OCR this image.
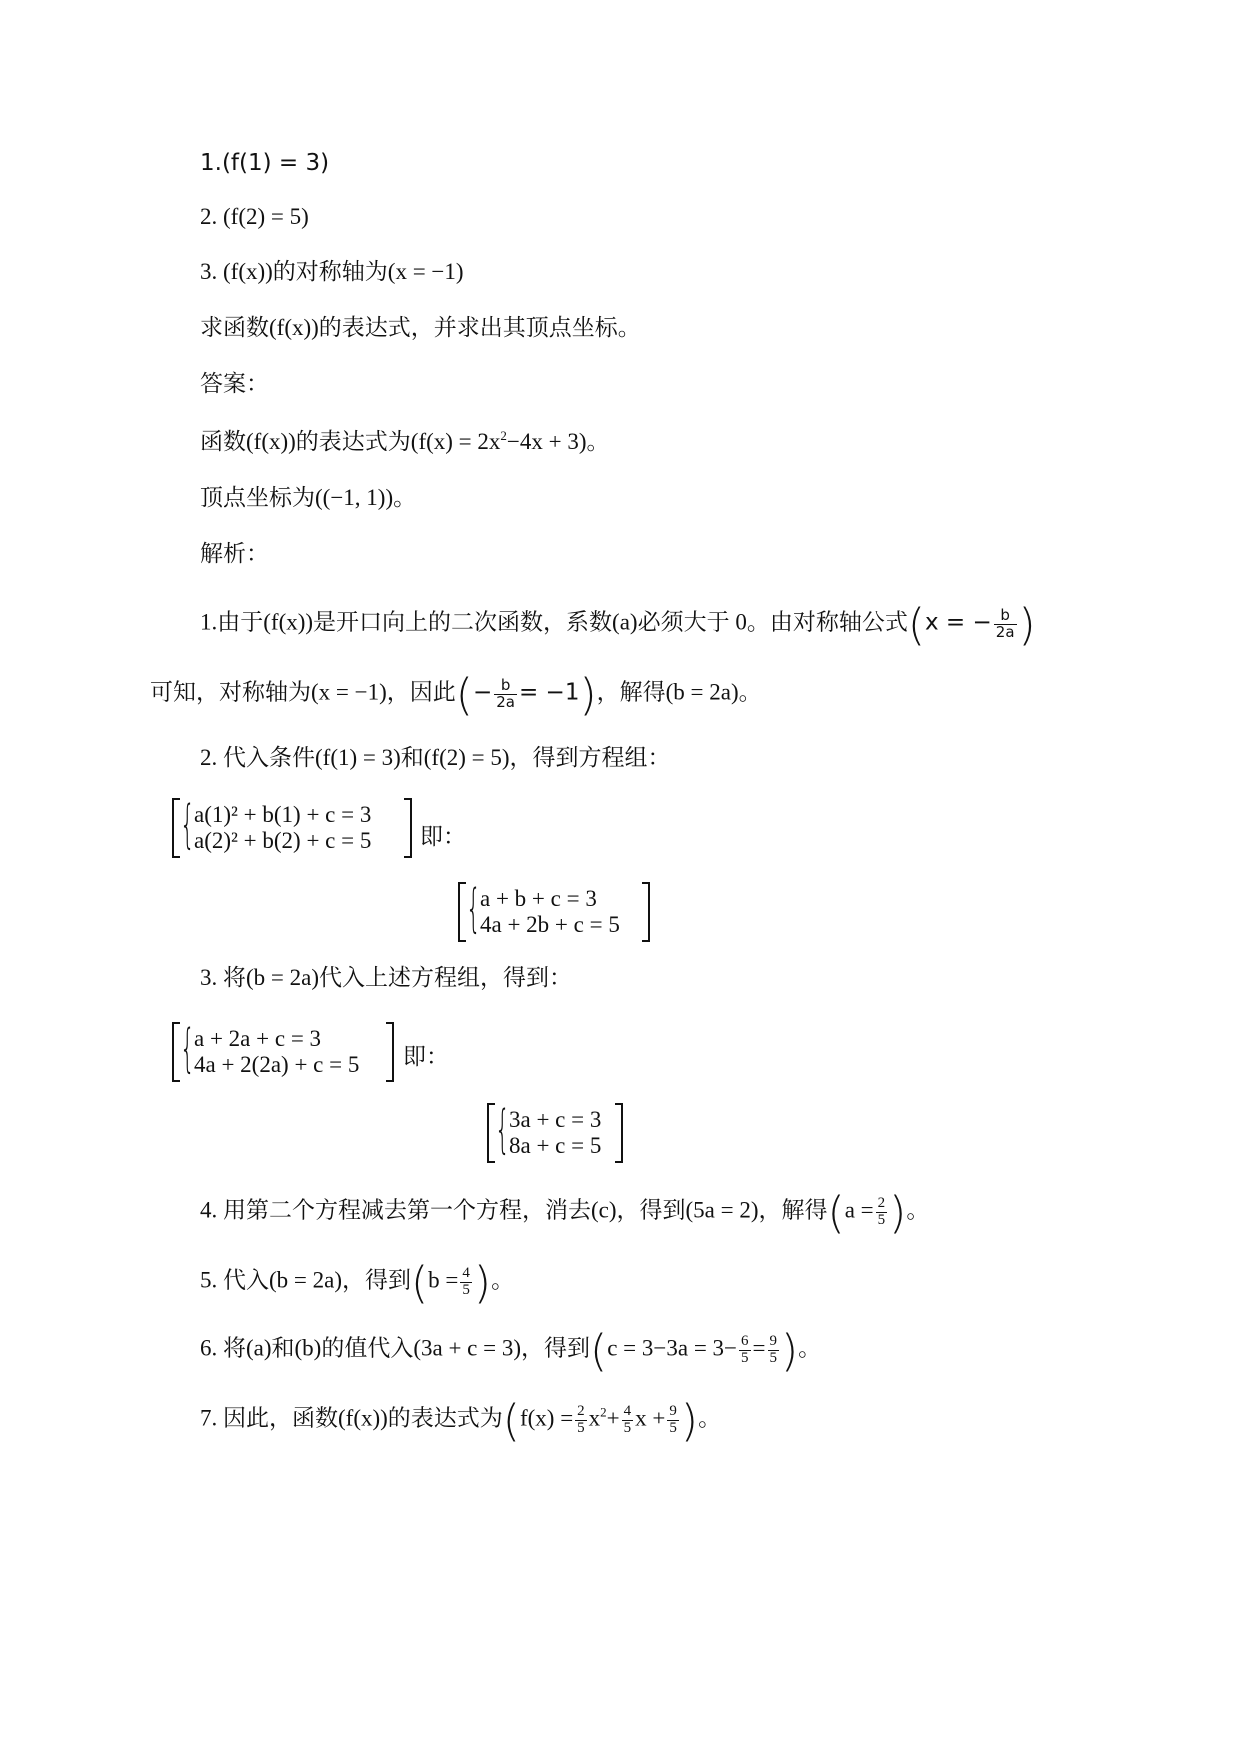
1.(f(1) = 3)
2. (f(2) = 5)
3. (f(x))的对称轴为(x = −1)
求函数(f(x))的表达式，并求出其顶点坐标。
答案：
函数(f(x))的表达式为$(f(x) = 2x^2-4x + 3)$。
顶点坐标为((−1, 1))。
解析：
1.由于(f(x))是开口向上的二次函数，系数(a)必须大于 0。由对称轴公式(x = − $\frac{b}{2a}$ )
可知，对称轴为(x = −1)，因此(− $\frac{b}{2a} = -1$)，解得(b = 2a)。
2. 代入条件(f(1) = 3)和(f(2) = 5)，得到方程组：
{ a(1)² + b(1) + c = 3
a(2)² + b(2) + c = 5 即：
{ a + b + c = 3
4a + 2b + c = 5
3. 将(b = 2a)代入上述方程组，得到：
{ a + 2a + c = 3
4a + 2(2a) + c = 5 即：
{ 3a + c = 3
8a + c = 5
4. 用第二个方程减去第一个方程，消去(c)，得到(5a = 2)，解得($a = \frac{2}{5}$ )。
5. 代入(b = 2a)，得到($b = \frac{4}{5}$ )。
6. 将(a)和(b)的值代入(3a + c = 3)，得到($c = 3-3a = 3- \frac{6}{5} = \frac{9}{5}$ )。
7. 因此，函数(f(x))的表达式为($f(x) = \frac{2}{5} x^2+ \frac{4}{5}$ $x + \frac{9}{5}$ )。
